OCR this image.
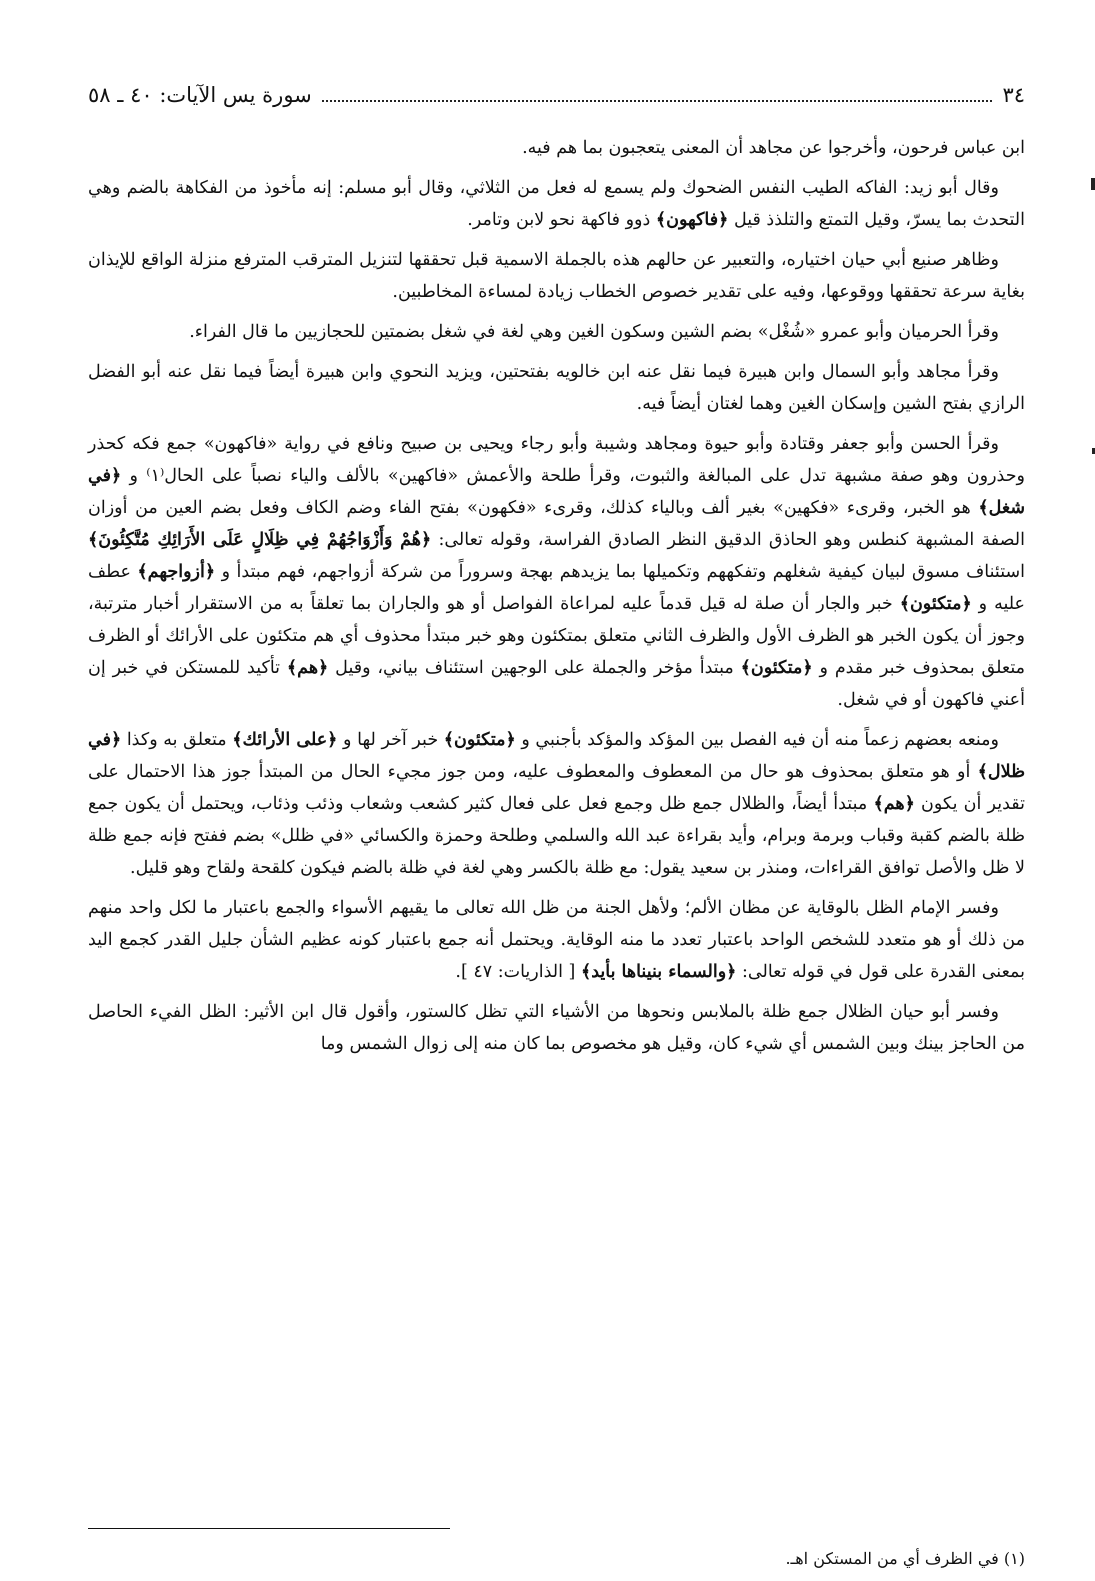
٣٤
سورة يس الآيات: ٤٠ ـ ٥٨

ابن عباس فرحون، وأخرجوا عن مجاهد أن المعنى يتعجبون بما هم فيه.

وقال أبو زيد: الفاكه الطيب النفس الضحوك ولم يسمع له فعل من الثلاثي، وقال أبو مسلم: إنه مأخوذ من الفكاهة بالضم وهي التحدث بما يسرّ، وقيل التمتع والتلذذ قيل ﴿فاكهون﴾ ذوو فاكهة نحو لابن وتامر.

وظاهر صنيع أبي حيان اختياره، والتعبير عن حالهم هذه بالجملة الاسمية قبل تحققها لتنزيل المترقب المترفع منزلة الواقع للإيذان بغاية سرعة تحققها ووقوعها، وفيه على تقدير خصوص الخطاب زيادة لمساءة المخاطبين.

وقرأ الحرميان وأبو عمرو «شُغْل» بضم الشين وسكون الغين وهي لغة في شغل بضمتين للحجازيين ما قال الفراء.

وقرأ مجاهد وأبو السمال وابن هبيرة فيما نقل عنه ابن خالويه بفتحتين، ويزيد النحوي وابن هبيرة أيضاً فيما نقل عنه أبو الفضل الرازي بفتح الشين وإسكان الغين وهما لغتان أيضاً فيه.

وقرأ الحسن وأبو جعفر وقتادة وأبو حيوة ومجاهد وشيبة وأبو رجاء ويحيى بن صبيح ونافع في رواية «فاكهون» جمع فكه كحذر وحذرون وهو صفة مشبهة تدل على المبالغة والثبوت، وقرأ طلحة والأعمش «فاكهين» بالألف والياء نصباً على الحال⁽١⁾ و ﴿في شغل﴾ هو الخبر، وقرىء «فكهين» بغير ألف وبالياء كذلك، وقرىء «فكهون» بفتح الفاء وضم الكاف وفعل بضم العين من أوزان الصفة المشبهة كنطس وهو الحاذق الدقيق النظر الصادق الفراسة، وقوله تعالى: ﴿هُمْ وَأَزْوَاجُهُمْ فِي ظِلَالٍ عَلَى الأَرَائِكِ مُتَّكِئُونَ﴾ استئناف مسوق لبيان كيفية شغلهم وتفكههم وتكميلها بما يزيدهم بهجة وسروراً من شركة أزواجهم، فهم مبتدأ و ﴿أزواجهم﴾ عطف عليه و ﴿متكئون﴾ خبر والجار أن صلة له قيل قدماً عليه لمراعاة الفواصل أو هو والجاران بما تعلقاً به من الاستقرار أخبار مترتبة، وجوز أن يكون الخبر هو الظرف الأول والظرف الثاني متعلق بمتكئون وهو خبر مبتدأ محذوف أي هم متكئون على الأرائك أو الظرف متعلق بمحذوف خبر مقدم و ﴿متكئون﴾ مبتدأ مؤخر والجملة على الوجهين استئناف بياني، وقيل ﴿هم﴾ تأكيد للمستكن في خبر إن أعني فاكهون أو في شغل.

ومنعه بعضهم زعماً منه أن فيه الفصل بين المؤكد والمؤكد بأجنبي و ﴿متكئون﴾ خبر آخر لها و ﴿على الأرائك﴾ متعلق به وكذا ﴿في ظلال﴾ أو هو متعلق بمحذوف هو حال من المعطوف والمعطوف عليه، ومن جوز مجيء الحال من المبتدأ جوز هذا الاحتمال على تقدير أن يكون ﴿هم﴾ مبتدأ أيضاً، والظلال جمع ظل وجمع فعل على فعال كثير كشعب وشعاب وذئب وذئاب، ويحتمل أن يكون جمع ظلة بالضم كقبة وقباب وبرمة وبرام، وأيد بقراءة عبد الله والسلمي وطلحة وحمزة والكسائي «في ظلل» بضم ففتح فإنه جمع ظلة لا ظل والأصل توافق القراءات، ومنذر بن سعيد يقول: مع ظلة بالكسر وهي لغة في ظلة بالضم فيكون كلقحة ولقاح وهو قليل.

وفسر الإمام الظل بالوقاية عن مظان الألم؛ ولأهل الجنة من ظل الله تعالى ما يقيهم الأسواء والجمع باعتبار ما لكل واحد منهم من ذلك أو هو متعدد للشخص الواحد باعتبار تعدد ما منه الوقاية. ويحتمل أنه جمع باعتبار كونه عظيم الشأن جليل القدر كجمع اليد بمعنى القدرة على قول في قوله تعالى: ﴿والسماء بنيناها بأيد﴾ [ الذاريات: ٤٧ ].

وفسر أبو حيان الظلال جمع ظلة بالملابس ونحوها من الأشياء التي تظل كالستور، وأقول قال ابن الأثير: الظل الفيء الحاصل من الحاجز بينك وبين الشمس أي شيء كان، وقيل هو مخصوص بما كان منه إلى زوال الشمس وما

(١) في الظرف أي من المستكن اهـ.
